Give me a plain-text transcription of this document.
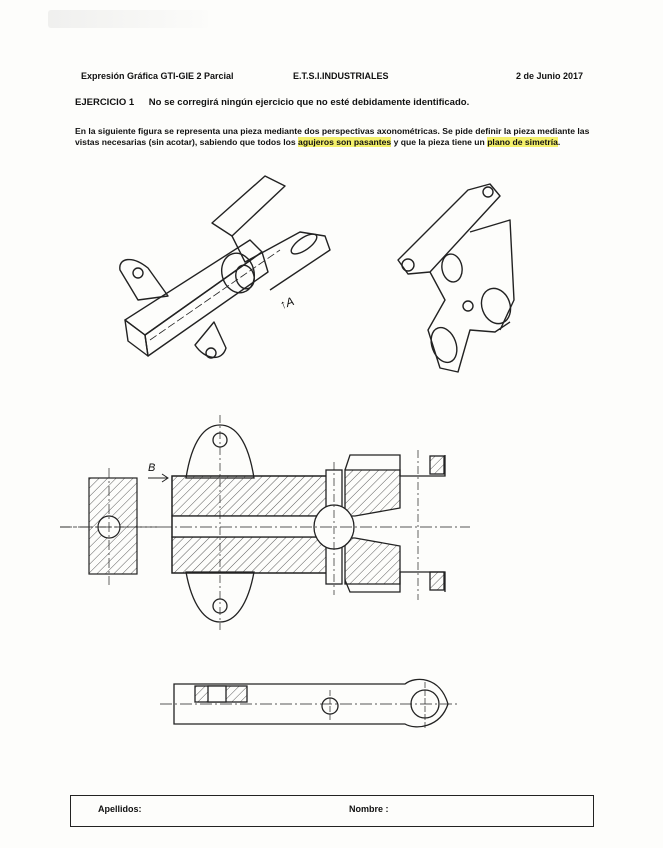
Expresión Gráfica GTI-GIE 2 Parcial	E.T.S.I.INDUSTRIALES	2 de Junio 2017
EJERCICIO 1 No se corregirá ningún ejercicio que no esté debidamente identificado.
En la siguiente figura se representa una pieza mediante dos perspectivas axonométricas. Se pide definir la pieza mediante las vistas necesarias (sin acotar), sabiendo que todos los agujeros son pasantes y que la pieza tiene un plano de simetría.
B
↑A
Apellidos:	Nombre :
